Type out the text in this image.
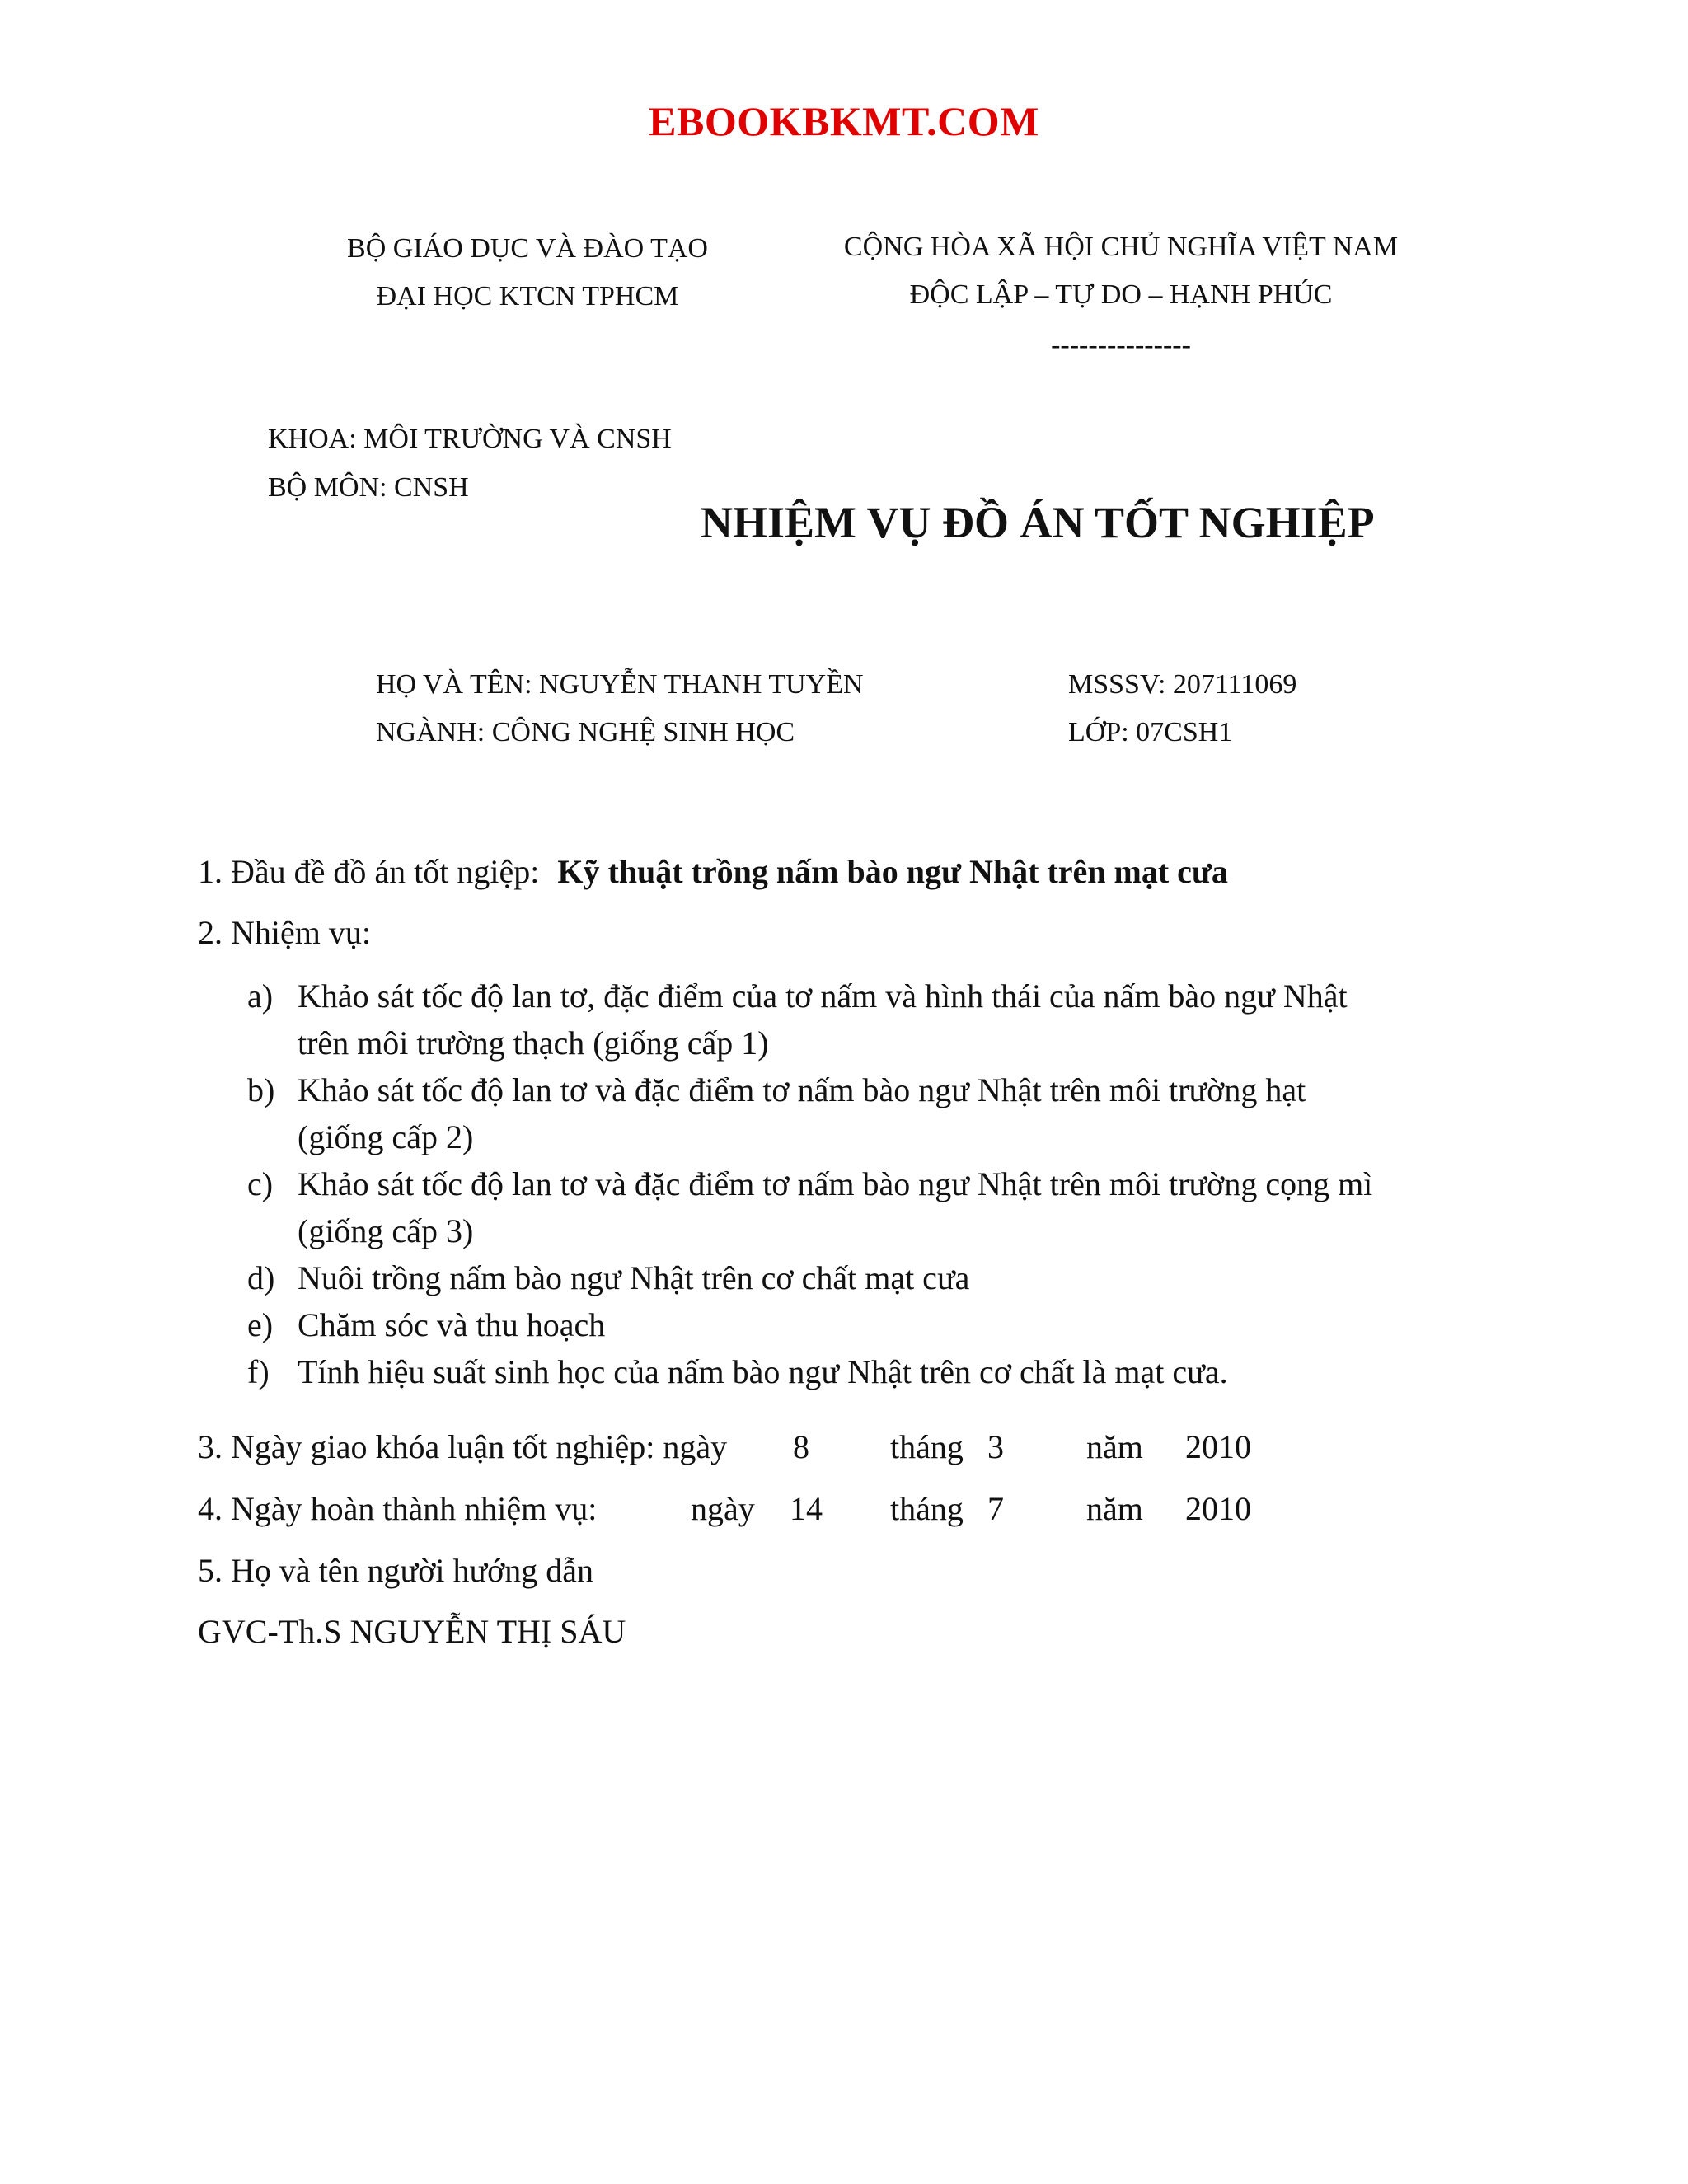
EBOOKBKMT.COM
BỘ GIÁO DỤC VÀ ĐÀO TẠO
ĐẠI HỌC KTCN TPHCM
CỘNG HÒA XÃ HỘI CHỦ NGHĨA VIỆT NAM
ĐỘC LẬP – TỰ DO – HẠNH PHÚC
---------------
KHOA: MÔI TRƯỜNG VÀ CNSH
BỘ MÔN: CNSH
NHIỆM VỤ ĐỒ ÁN TỐT NGHIỆP
HỌ VÀ TÊN: NGUYỄN THANH TUYỀN	MSSSV: 207111069
NGÀNH: CÔNG NGHỆ SINH HỌC	LỚP: 07CSH1
1. Đầu đề đồ án tốt ngiệp: Kỹ thuật trồng nấm bào ngư Nhật trên mạt cưa
2. Nhiệm vụ:
a) Khảo sát tốc độ lan tơ, đặc điểm của tơ nấm và hình thái của nấm bào ngư Nhật
trên môi trường thạch (giống cấp 1)
b) Khảo sát tốc độ lan tơ và đặc điểm tơ nấm bào ngư Nhật trên môi trường hạt
(giống cấp 2)
c) Khảo sát tốc độ lan tơ và đặc điểm tơ nấm bào ngư Nhật trên môi trường cọng mì
(giống cấp 3)
d) Nuôi trồng nấm bào ngư Nhật trên cơ chất mạt cưa
e) Chăm sóc và thu hoạch
f) Tính hiệu suất sinh học của nấm bào ngư Nhật trên cơ chất là mạt cưa.
3. Ngày giao khóa luận tốt nghiệp: ngày 8 tháng 3	năm 2010
4. Ngày hoàn thành nhiệm vụ:	ngày 14 tháng 7	năm 2010
5. Họ và tên người hướng dẫn
GVC-Th.S NGUYỄN THỊ SÁU
